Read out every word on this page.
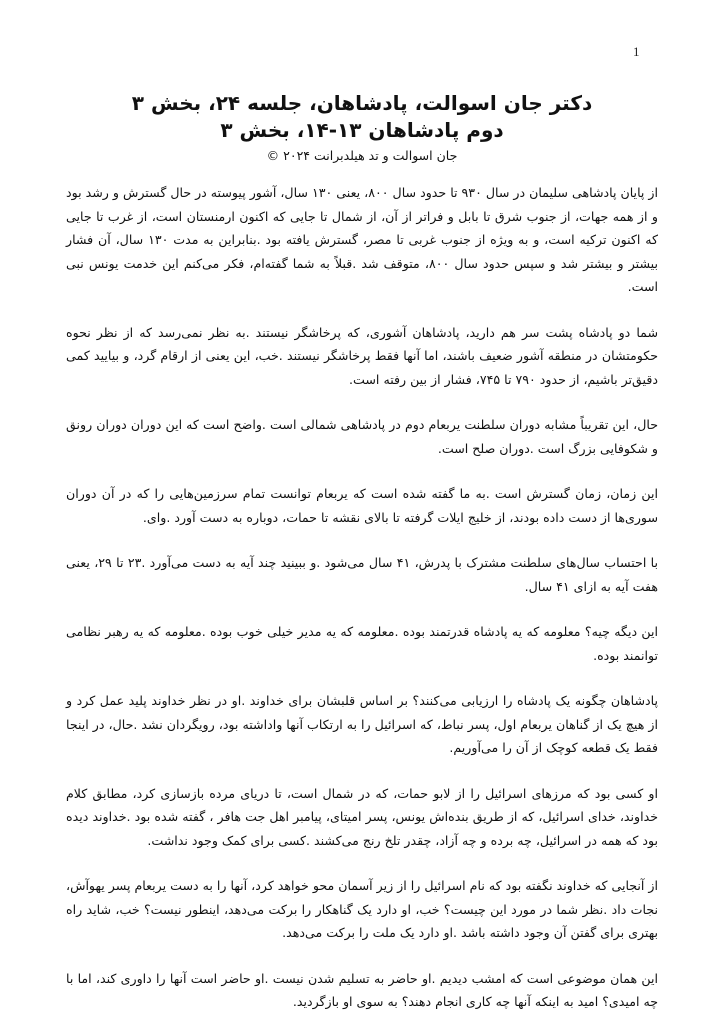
1

دکتر جان اسوالت، پادشاهان، جلسه ۲۴، بخش ۳

دوم پادشاهان ۱۳-۱۴، بخش ۳

جان اسوالت و تد هیلدبرانت ۲۰۲۴ ©

از پایان پادشاهی سلیمان در سال ۹۳۰ تا حدود سال ۸۰۰، یعنی ۱۳۰ سال، آشور پیوسته در حال گسترش و رشد بود و از همه جهات، از جنوب شرق تا بابل و فراتر از آن، از شمال تا جایی که اکنون ارمنستان است، از غرب تا جایی که اکنون ترکیه است، و به ویژه از جنوب غربی تا مصر، گسترش یافته بود .بنابراین به مدت ۱۳۰ سال، آن فشار بیشتر و بیشتر شد و سپس حدود سال ۸۰۰، متوقف شد .قبلاً به شما گفته‌ام، فکر می‌کنم این خدمت یونس نبی است.

شما دو پادشاه پشت سر هم دارید، پادشاهان آشوری، که پرخاشگر نیستند .به نظر نمی‌رسد که از نظر نحوه حکومتشان در منطقه آشور ضعیف باشند، اما آنها فقط پرخاشگر نیستند .خب، این یعنی از ارقام گرد، و بیایید کمی دقیق‌تر باشیم، از حدود ۷۹۰ تا ۷۴۵، فشار از بین رفته است.

حال، این تقریباً مشابه دوران سلطنت یربعام دوم در پادشاهی شمالی است .واضح است که این دوران دوران رونق و شکوفایی بزرگ است .دوران صلح است.

این زمان، زمان گسترش است .به ما گفته شده است که یربعام توانست تمام سرزمین‌هایی را که در آن دوران سوری‌ها از دست داده بودند، از خلیج ایلات گرفته تا بالای نقشه تا حمات، دوباره به دست آورد .وای.

با احتساب سال‌های سلطنت مشترک با پدرش، ۴۱ سال می‌شود .و ببینید چند آیه به دست می‌آورد .۲۳ تا ۲۹، یعنی هفت آیه به ازای ۴۱ سال.

این دیگه چیه؟ معلومه که یه پادشاه قدرتمند بوده .معلومه که یه مدیر خیلی خوب بوده .معلومه که یه رهبر نظامی توانمند بوده.

پادشاهان چگونه یک پادشاه را ارزیابی می‌کنند؟ بر اساس قلبشان برای خداوند .او در نظر خداوند پلید عمل کرد و از هیچ یک از گناهان یربعام اول، پسر نباط، که اسرائیل را به ارتکاب آنها واداشته بود، رویگردان نشد .حال، در اینجا فقط یک قطعه کوچک از آن را می‌آوریم.

او کسی بود که مرزهای اسرائیل را از لابو حمات، که در شمال است، تا دریای مرده بازسازی کرد، مطابق کلام خداوند، خدای اسرائیل، که از طریق بنده‌اش یونس، پسر امیتای، پیامبر اهل جت هافر ، گفته شده بود .خداوند دیده بود که همه در اسرائیل، چه برده و چه آزاد، چقدر تلخ رنج می‌کشند .کسی برای کمک وجود نداشت.

از آنجایی که خداوند نگفته بود که نام اسرائیل را از زیر آسمان محو خواهد کرد، آنها را به دست یربعام پسر یهوآش، نجات داد .نظر شما در مورد این چیست؟ خب، او دارد یک گناهکار را برکت می‌دهد، اینطور نیست؟ خب، شاید راه بهتری برای گفتن آن وجود داشته باشد .او دارد یک ملت را برکت می‌دهد.

این همان موضوعی است که امشب دیدیم .او حاضر به تسلیم شدن نیست .او حاضر است آنها را داوری کند، اما با چه امیدی؟ امید به اینکه آنها چه کاری انجام دهند؟ به سوی او بازگردید.
